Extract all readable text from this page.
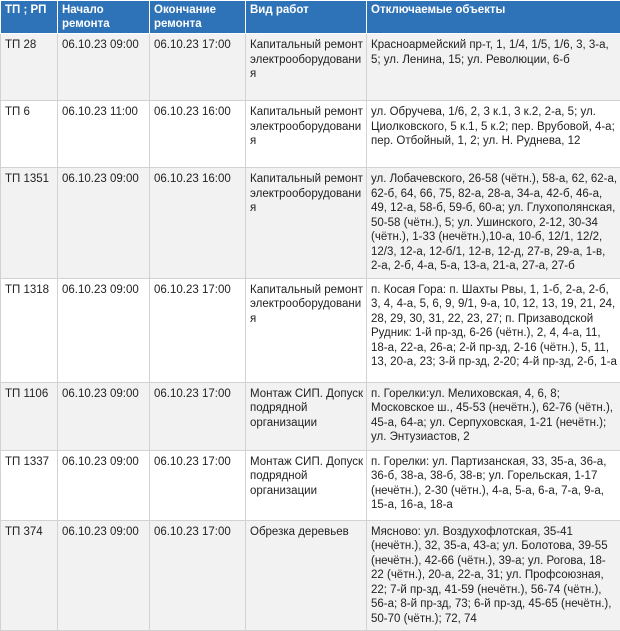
ТП ; РП	Начало ремонта	Окончание ремонта	Вид работ	Отключаемые объекты
ТП 28	06.10.23 09:00	06.10.23 17:00	Капитальный ремонт электрооборудования	Красноармейский пр-т, 1, 1/4, 1/5, 1/6, 3, 3-а, 5; ул. Ленина, 15; ул. Революции, 6-б
ТП 6	06.10.23 11:00	06.10.23 16:00	Капитальный ремонт электрооборудования	ул. Обручева, 1/6, 2, 3 к.1, 3 к.2, 2-а, 5; ул. Циолковского, 5 к.1, 5 к.2; пер. Врубовой, 4-а; пер. Отбойный, 1, 2; ул. Н. Руднева, 12
ТП 1351	06.10.23 09:00	06.10.23 16:00	Капитальный ремонт электрооборудования	ул. Лобачевского, 26-58 (чётн.), 58-а, 62, 62-а, 62-б, 64, 66, 75, 82-а, 28-а, 34-а, 42-б, 46-а, 49, 12-а, 58-б, 59-б, 60-а; ул. Глухополянская, 50-58 (чётн.), 5; ул. Ушинского, 2-12, 30-34 (чётн.), 1-33 (нечётн.),10-а, 10-б, 12/1, 12/2, 12/3, 12-а, 12-б/1, 12-в, 12-д, 27-в, 29-а, 1-в, 2-а, 2-б, 4-а, 5-а, 13-а, 21-а, 27-а, 27-б
ТП 1318	06.10.23 09:00	06.10.23 17:00	Капитальный ремонт электрооборудования	п. Косая Гора: п. Шахты Рвы, 1, 1-б, 2-а, 2-б, 3, 4, 4-а, 5, 6, 9, 9/1, 9-а, 10, 12, 13, 19, 21, 24, 28, 29, 30, 31, 22, 23, 27; п. Призаводской Рудник: 1-й пр-зд, 6-26 (чётн.), 2, 4, 4-а, 11, 18-а, 22-а, 26-а; 2-й пр-зд, 2-16 (чётн.), 5, 11, 13, 20-а, 23; 3-й пр-зд, 2-20; 4-й пр-зд, 2-б, 1-а
ТП 1106	06.10.23 09:00	06.10.23 17:00	Монтаж СИП. Допуск подрядной организации	п. Горелки:ул. Мелиховская, 4, 6, 8; Московское ш., 45-53 (нечётн.), 62-76 (чётн.), 45-а, 64-а; ул. Серпуховская, 1-21 (нечётн.); ул. Энтузиастов, 2
ТП 1337	06.10.23 09:00	06.10.23 17:00	Монтаж СИП. Допуск подрядной организации	п. Горелки: ул. Партизанская, 33, 35-а, 36-а, 36-б, 38-а, 38-б, 38-в; ул. Горельская, 1-17 (нечётн.), 2-30 (чётн.), 4-а, 5-а, 6-а, 7-а, 9-а, 15-а, 16-а, 18-а
ТП 374	06.10.23 09:00	06.10.23 17:00	Обрезка деревьев	Мясново: ул. Воздухофлотская, 35-41 (нечётн.), 32, 35-а, 43-а; ул. Болотова, 39-55 (нечётн.), 42-66 (чётн.), 39-а; ул. Рогова, 18-22 (чётн.), 20-а, 22-а, 31; ул. Профсоюзная, 22; 7-й пр-зд, 41-59 (нечётн.), 56-74 (чётн.), 56-а; 8-й пр-зд, 73; 6-й пр-зд, 45-65 (нечётн.), 50-70 (чётн.); 72, 74
